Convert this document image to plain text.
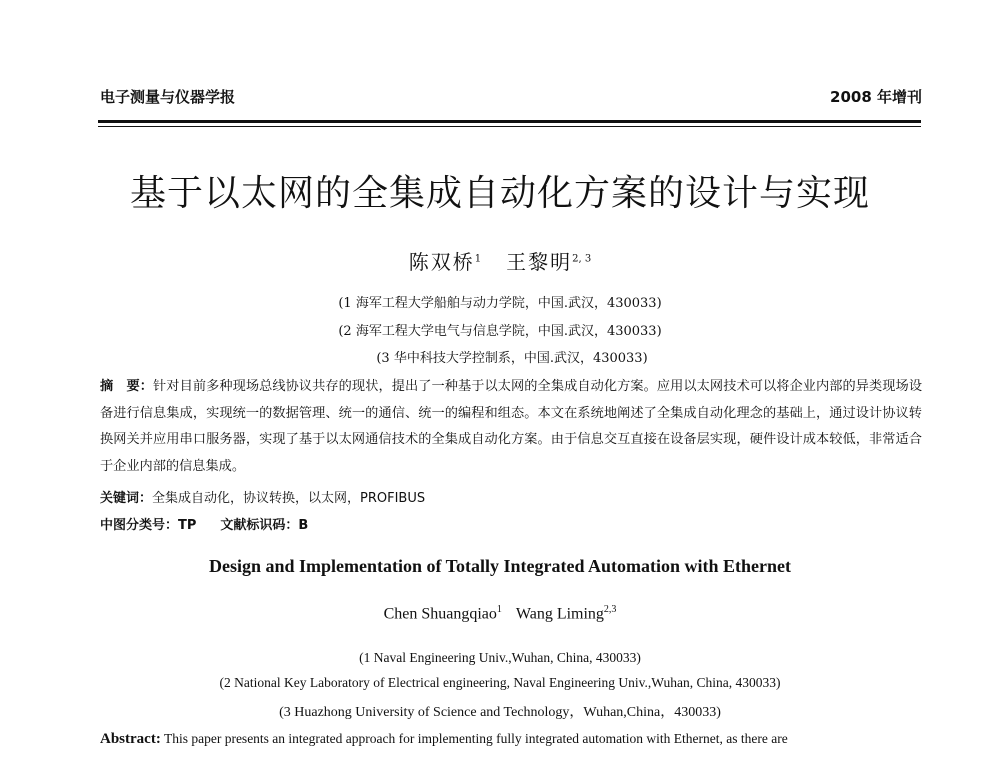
电子测量与仪器学报	2008 年增刊
基于以太网的全集成自动化方案的设计与实现
陈双桥$^1$ 王黎明$^{2, 3}$
(1 海军工程大学船舶与动力学院，中国.武汉，430033)
(2 海军工程大学电气与信息学院，中国.武汉，430033)
(3 华中科技大学控制系，中国.武汉，430033)
摘　要：针对目前多种现场总线协议共存的现状，提出了一种基于以太网的全集成自动化方案。应用以太网技术可以将企业内部的异类现场设备进行信息集成，实现统一的数据管理、统一的通信、统一的编程和组态。本文在系统地阐述了全集成自动化理念的基础上，通过设计协议转换网关并应用串口服务器，实现了基于以太网通信技术的全集成自动化方案。由于信息交互直接在设备层实现，硬件设计成本较低，非常适合于企业内部的信息集成。
关键词：全集成自动化，协议转换，以太网，PROFIBUS
中图分类号：TP 文献标识码：B
Design and Implementation of Totally Integrated Automation with Ethernet
Chen Shuangqiao$^1$ Wang Liming$^{2,3}$
(1 Naval Engineering Univ.,Wuhan, China, 430033)
(2 National Key Laboratory of Electrical engineering, Naval Engineering Univ.,Wuhan, China, 430033)
(3 Huazhong University of Science and Technology，Wuhan,China，430033)
Abstract: This paper presents an integrated approach for implementing fully integrated automation with Ethernet, as there are
